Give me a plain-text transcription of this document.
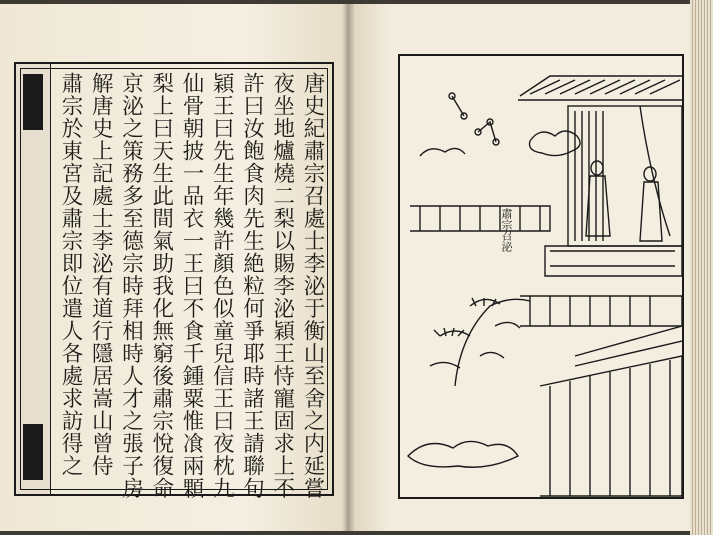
唐史紀肅宗召處士李泌于衡山至舍之内延嘗
夜坐地爐燒二梨以賜李泌穎王恃寵固求上不
許曰汝飽食肉先生絶粒何爭耶時諸王請聯句
穎王曰先生年幾許顏色似童兒信王曰夜枕九
仙骨朝披一品衣一王曰不食千鍾粟惟飡兩顆
梨上曰天生此間氣助我化無窮後肅宗悅復命
京泌之策務多至德宗時拜相時人才之張子房
解唐史上記處士李泌有道行隱居嵩山曾侍
肅宗於東宮及肅宗即位遣人各處求訪得之	肅宗召泌
